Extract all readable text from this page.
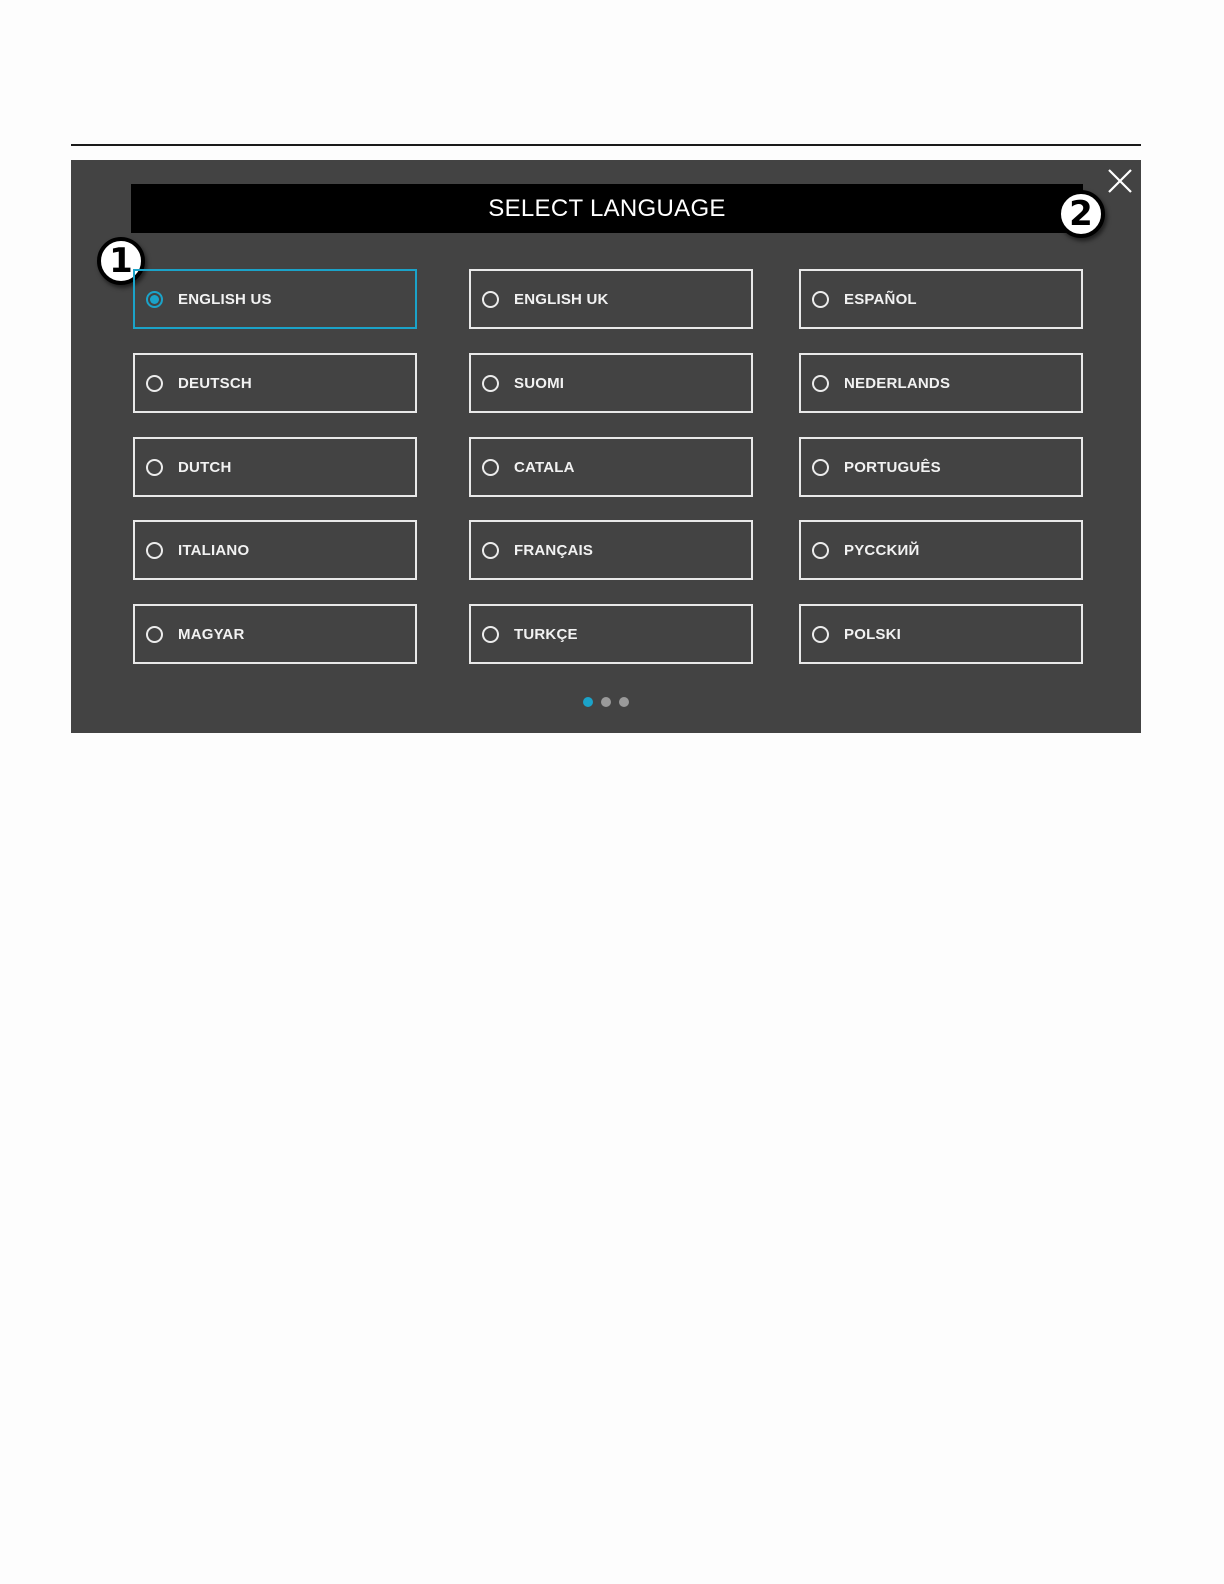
SELECT LANGUAGE
1
2
ENGLISH US	ENGLISH UK	ESPAÑOL
DEUTSCH	SUOMI	NEDERLANDS
DUTCH	CATALA	PORTUGUÊS
ITALIANO	FRANÇAIS	PYCCKИЙ
MAGYAR	TURKÇE	POLSKI
